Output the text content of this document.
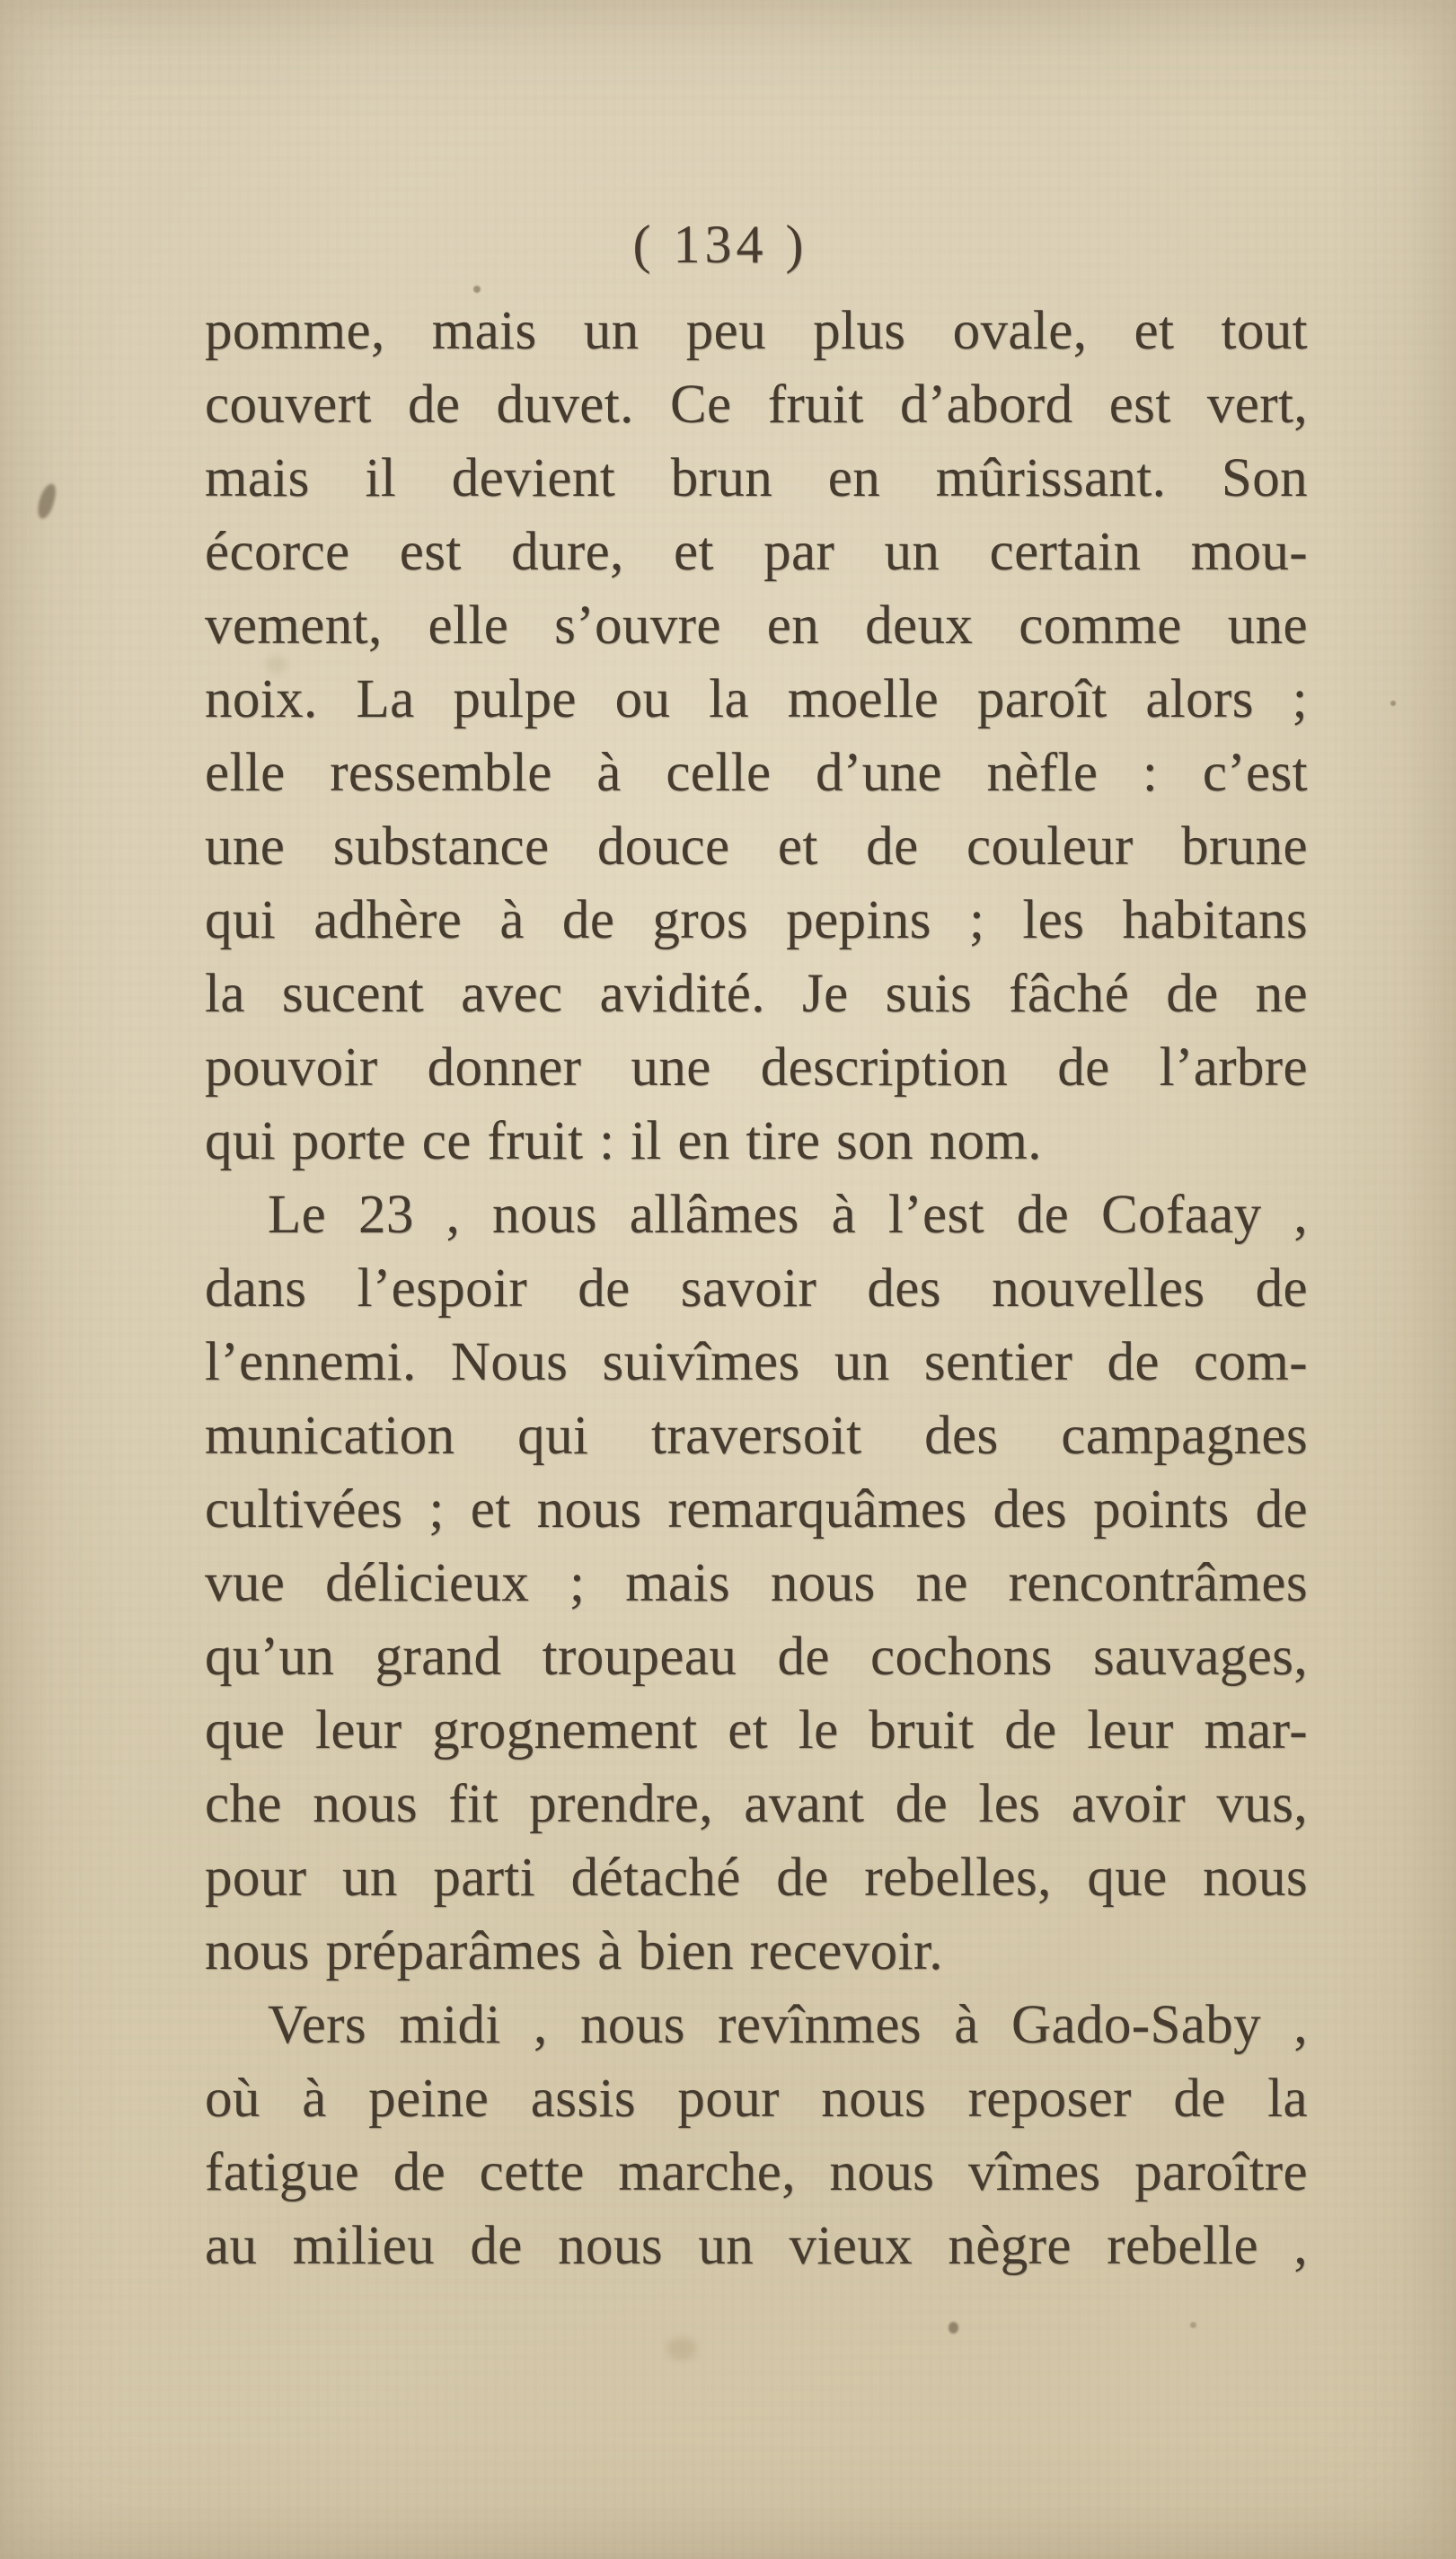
( 134 )
pomme, mais un peu plus ovale, et tout
couvert de duvet. Ce fruit d’abord est vert,
mais il devient brun en mûrissant. Son
écorce est dure, et par un certain mou-
vement, elle s’ouvre en deux comme une
noix. La pulpe ou la moelle paroît alors ;
elle ressemble à celle d’une nèfle : c’est
une substance douce et de couleur brune
qui adhère à de gros pepins ; les habitans
la sucent avec avidité. Je suis fâché de ne
pouvoir donner une description de l’arbre
qui porte ce fruit : il en tire son nom.
Le 23 , nous allâmes à l’est de Cofaay ,
dans l’espoir de savoir des nouvelles de
l’ennemi. Nous suivîmes un sentier de com-
munication qui traversoit des campagnes
cultivées ; et nous remarquâmes des points de
vue délicieux ; mais nous ne rencontrâmes
qu’un grand troupeau de cochons sauvages,
que leur grognement et le bruit de leur mar-
che nous fit prendre, avant de les avoir vus,
pour un parti détaché de rebelles, que nous
nous préparâmes à bien recevoir.
Vers midi , nous revînmes à Gado-Saby ,
où à peine assis pour nous reposer de la
fatigue de cette marche, nous vîmes paroître
au milieu de nous un vieux nègre rebelle ,
